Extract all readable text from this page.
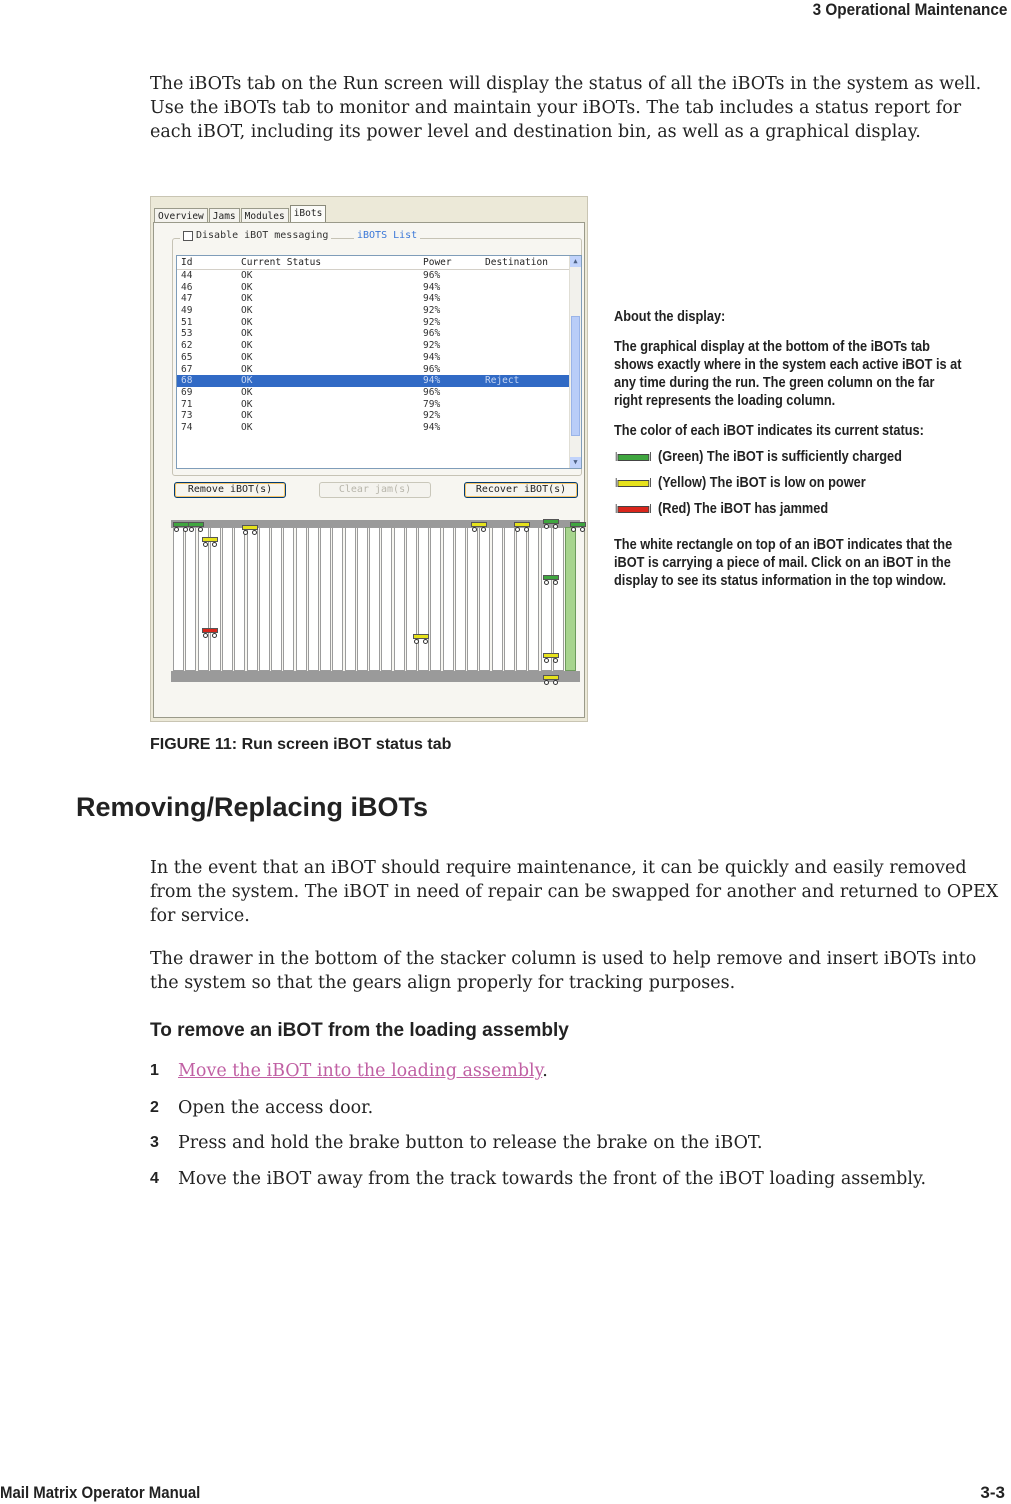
3 Operational Maintenance

The iBOTs tab on the Run screen will display the status of all the iBOTs in the system as well. Use the iBOTs tab to monitor and maintain your iBOTs. The tab includes a status report for each iBOT, including its power level and destination bin, as well as a graphical display.

Overview Jams Modules iBots
Disable iBOT messaging	iBOTS List
Id	Current Status	Power	Destination
44	OK	96%
46	OK	94%
47	OK	94%
49	OK	92%
51	OK	92%
53	OK	96%
62	OK	92%
65	OK	94%
67	OK	96%
68	OK	94%	Reject
69	OK	96%
71	OK	79%
73	OK	92%
74	OK	94%
▲
▼
Remove iBOT(s)	Clear jam(s)	Recover iBOT(s)

About the display:

The graphical display at the bottom of the iBOTs tab shows exactly where in the system each active iBOT is at any time during the run. The green column on the far right represents the loading column.

The color of each iBOT indicates its current status:

(Green) The iBOT is sufficiently charged
(Yellow) The iBOT is low on power
(Red) The iBOT has jammed

The white rectangle on top of an iBOT indicates that the iBOT is carrying a piece of mail. Click on an iBOT in the display to see its status information in the top window.

FIGURE 11: Run screen iBOT status tab
Removing/Replacing iBOTs

In the event that an iBOT should require maintenance, it can be quickly and easily removed from the system. The iBOT in need of repair can be swapped for another and returned to OPEX for service.

The drawer in the bottom of the stacker column is used to help remove and insert iBOTs into the system so that the gears align properly for tracking purposes.

To remove an iBOT from the loading assembly
1	Move the iBOT into the loading assembly.
2	Open the access door.
3	Press and hold the brake button to release the brake on the iBOT.
4	Move the iBOT away from the track towards the front of the iBOT loading assembly.
Mail Matrix Operator Manual	3-3
